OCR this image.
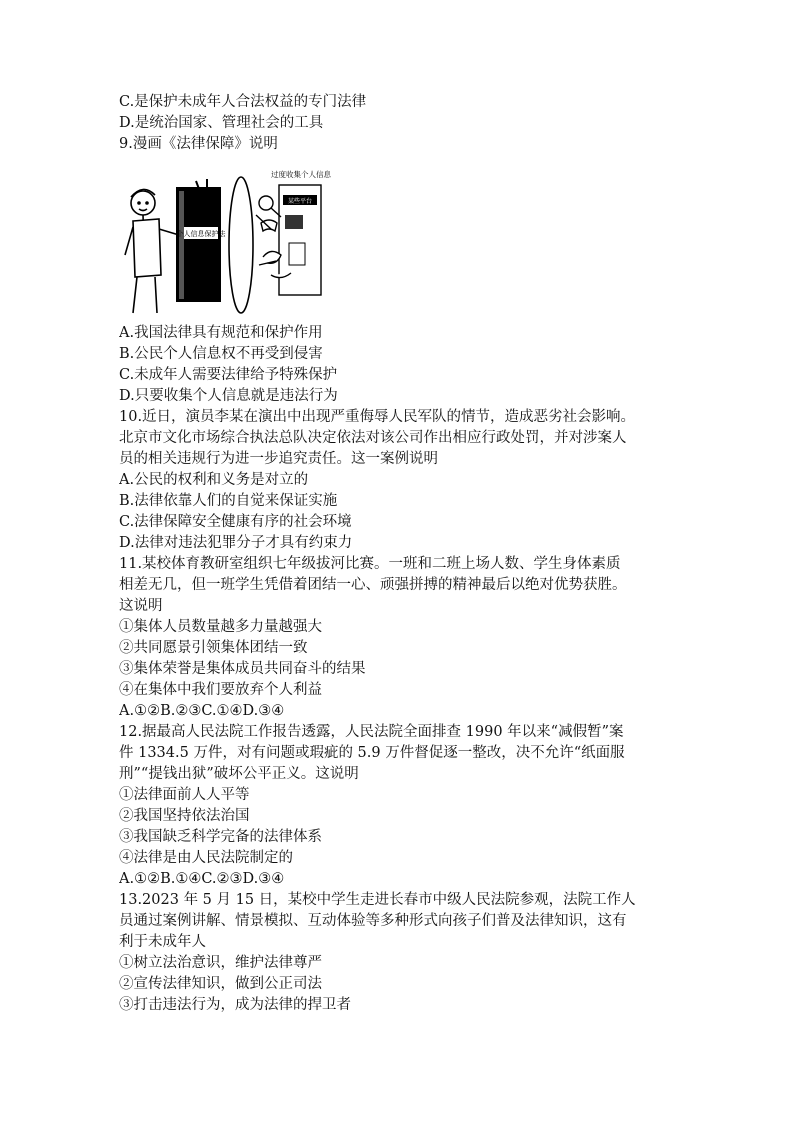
C.是保护未成年人合法权益的专门法律
D.是统治国家、管理社会的工具
9.漫画《法律保障》说明
个人信息保护法
过度收集个人信息
某些平台
A.我国法律具有规范和保护作用
B.公民个人信息权不再受到侵害
C.未成年人需要法律给予特殊保护
D.只要收集个人信息就是违法行为
10.近日，演员李某在演出中出现严重侮辱人民军队的情节，造成恶劣社会影响。
北京市文化市场综合执法总队决定依法对该公司作出相应行政处罚，并对涉案人
员的相关违规行为进一步追究责任。这一案例说明
A.公民的权利和义务是对立的
B.法律依靠人们的自觉来保证实施
C.法律保障安全健康有序的社会环境
D.法律对违法犯罪分子才具有约束力
11.某校体育教研室组织七年级拔河比赛。一班和二班上场人数、学生身体素质
相差无几，但一班学生凭借着团结一心、顽强拼搏的精神最后以绝对优势获胜。
这说明
①集体人员数量越多力量越强大
②共同愿景引领集体团结一致
③集体荣誉是集体成员共同奋斗的结果
④在集体中我们要放弃个人利益
A.①②B.②③C.①④D.③④
12.据最高人民法院工作报告透露，人民法院全面排查 1990 年以来“减假暂”案
件 1334.5 万件，对有问题或瑕疵的 5.9 万件督促逐一整改，决不允许“纸面服
刑”“提钱出狱”破坏公平正义。这说明
①法律面前人人平等
②我国坚持依法治国
③我国缺乏科学完备的法律体系
④法律是由人民法院制定的
A.①②B.①④C.②③D.③④
13.2023 年 5 月 15 日，某校中学生走进长春市中级人民法院参观，法院工作人
员通过案例讲解、情景模拟、互动体验等多种形式向孩子们普及法律知识，这有
利于未成年人
①树立法治意识，维护法律尊严
②宣传法律知识，做到公正司法
③打击违法行为，成为法律的捍卫者
